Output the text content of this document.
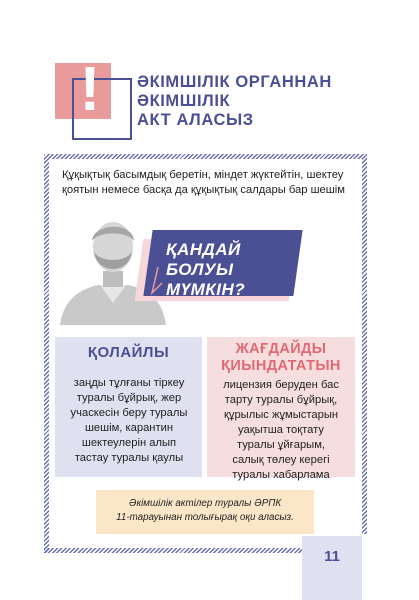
!	ӘКІМШІЛІК ОРГАННАН
ӘКІМШІЛІК
АКТ АЛАСЫЗ
Құқықтық басымдық беретін, міндет жүктейтін, шектеу қоятын немесе басқа да құқықтық салдары бар шешім
ҚАНДАЙ
БОЛУЫ
МҮМКІН?
ҚОЛАЙЛЫ
заңды тұлғаны тіркеу
туралы бұйрық, жер
учаскесін беру туралы
шешім, карантин
шектеулерін алып
тастау туралы қаулы
ЖАҒДАЙДЫ
ҚИЫНДАТАТЫН
лицензия беруден бас
тарту туралы бұйрық,
құрылыс жұмыстарын
уақытша тоқтату
туралы ұйғарым,
салық төлеу керегі
туралы хабарлама
Әкімшілік актілер туралы ӘРПК
11-тарауынан толығырақ оқи аласыз.
11
